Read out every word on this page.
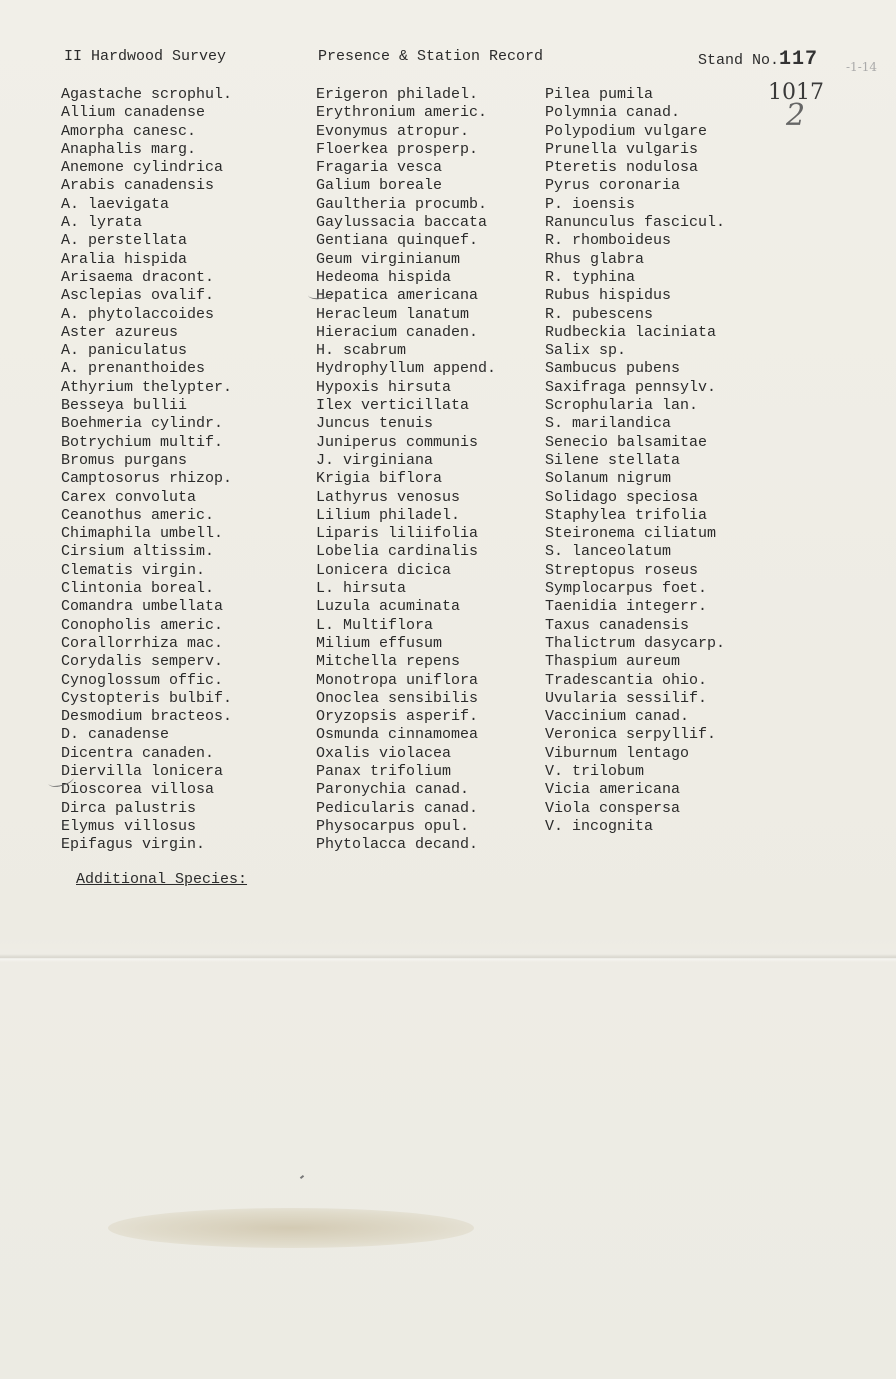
II Hardwood Survey	Presence & Station Record	Stand No.117
1017
2
-1-14
Agastache scrophul.
Allium canadense
Amorpha canesc.
Anaphalis marg.
Anemone cylindrica
Arabis canadensis
A. laevigata
A. lyrata
A. perstellata
Aralia hispida
Arisaema dracont.
Asclepias ovalif.
A. phytolaccoides
Aster azureus
A. paniculatus
A. prenanthoides
Athyrium thelypter.
Besseya bullii
Boehmeria cylindr.
Botrychium multif.
Bromus purgans
Camptosorus rhizop.
Carex convoluta
Ceanothus americ.
Chimaphila umbell.
Cirsium altissim.
Clematis virgin.
Clintonia boreal.
Comandra umbellata
Conopholis americ.
Corallorrhiza mac.
Corydalis semperv.
Cynoglossum offic.
Cystopteris bulbif.
Desmodium bracteos.
D. canadense
Dicentra canaden.
Diervilla lonicera
Dioscorea villosa
Dirca palustris
Elymus villosus
Epifagus virgin.
Erigeron philadel.
Erythronium americ.
Evonymus atropur.
Floerkea prosperp.
Fragaria vesca
Galium boreale
Gaultheria procumb.
Gaylussacia baccata
Gentiana quinquef.
Geum virginianum
Hedeoma hispida
Hepatica americana
Heracleum lanatum
Hieracium canaden.
H. scabrum
Hydrophyllum append.
Hypoxis hirsuta
Ilex verticillata
Juncus tenuis
Juniperus communis
J. virginiana
Krigia biflora
Lathyrus venosus
Lilium philadel.
Liparis liliifolia
Lobelia cardinalis
Lonicera dicica
L. hirsuta
Luzula acuminata
L. Multiflora
Milium effusum
Mitchella repens
Monotropa uniflora
Onoclea sensibilis
Oryzopsis asperif.
Osmunda cinnamomea
Oxalis violacea
Panax trifolium
Paronychia canad.
Pedicularis canad.
Physocarpus opul.
Phytolacca decand.
Pilea pumila
Polymnia canad.
Polypodium vulgare
Prunella vulgaris
Pteretis nodulosa
Pyrus coronaria
P. ioensis
Ranunculus fascicul.
R. rhomboideus
Rhus glabra
R. typhina
Rubus hispidus
R. pubescens
Rudbeckia laciniata
Salix sp.
Sambucus pubens
Saxifraga pennsylv.
Scrophularia lan.
S. marilandica
Senecio balsamitae
Silene stellata
Solanum nigrum
Solidago speciosa
Staphylea trifolia
Steironema ciliatum
S. lanceolatum
Streptopus roseus
Symplocarpus foet.
Taenidia integerr.
Taxus canadensis
Thalictrum dasycarp.
Thaspium aureum
Tradescantia ohio.
Uvularia sessilif.
Vaccinium canad.
Veronica serpyllif.
Viburnum lentago
V. trilobum
Vicia americana
Viola conspersa
V. incognita
Additional Species:
